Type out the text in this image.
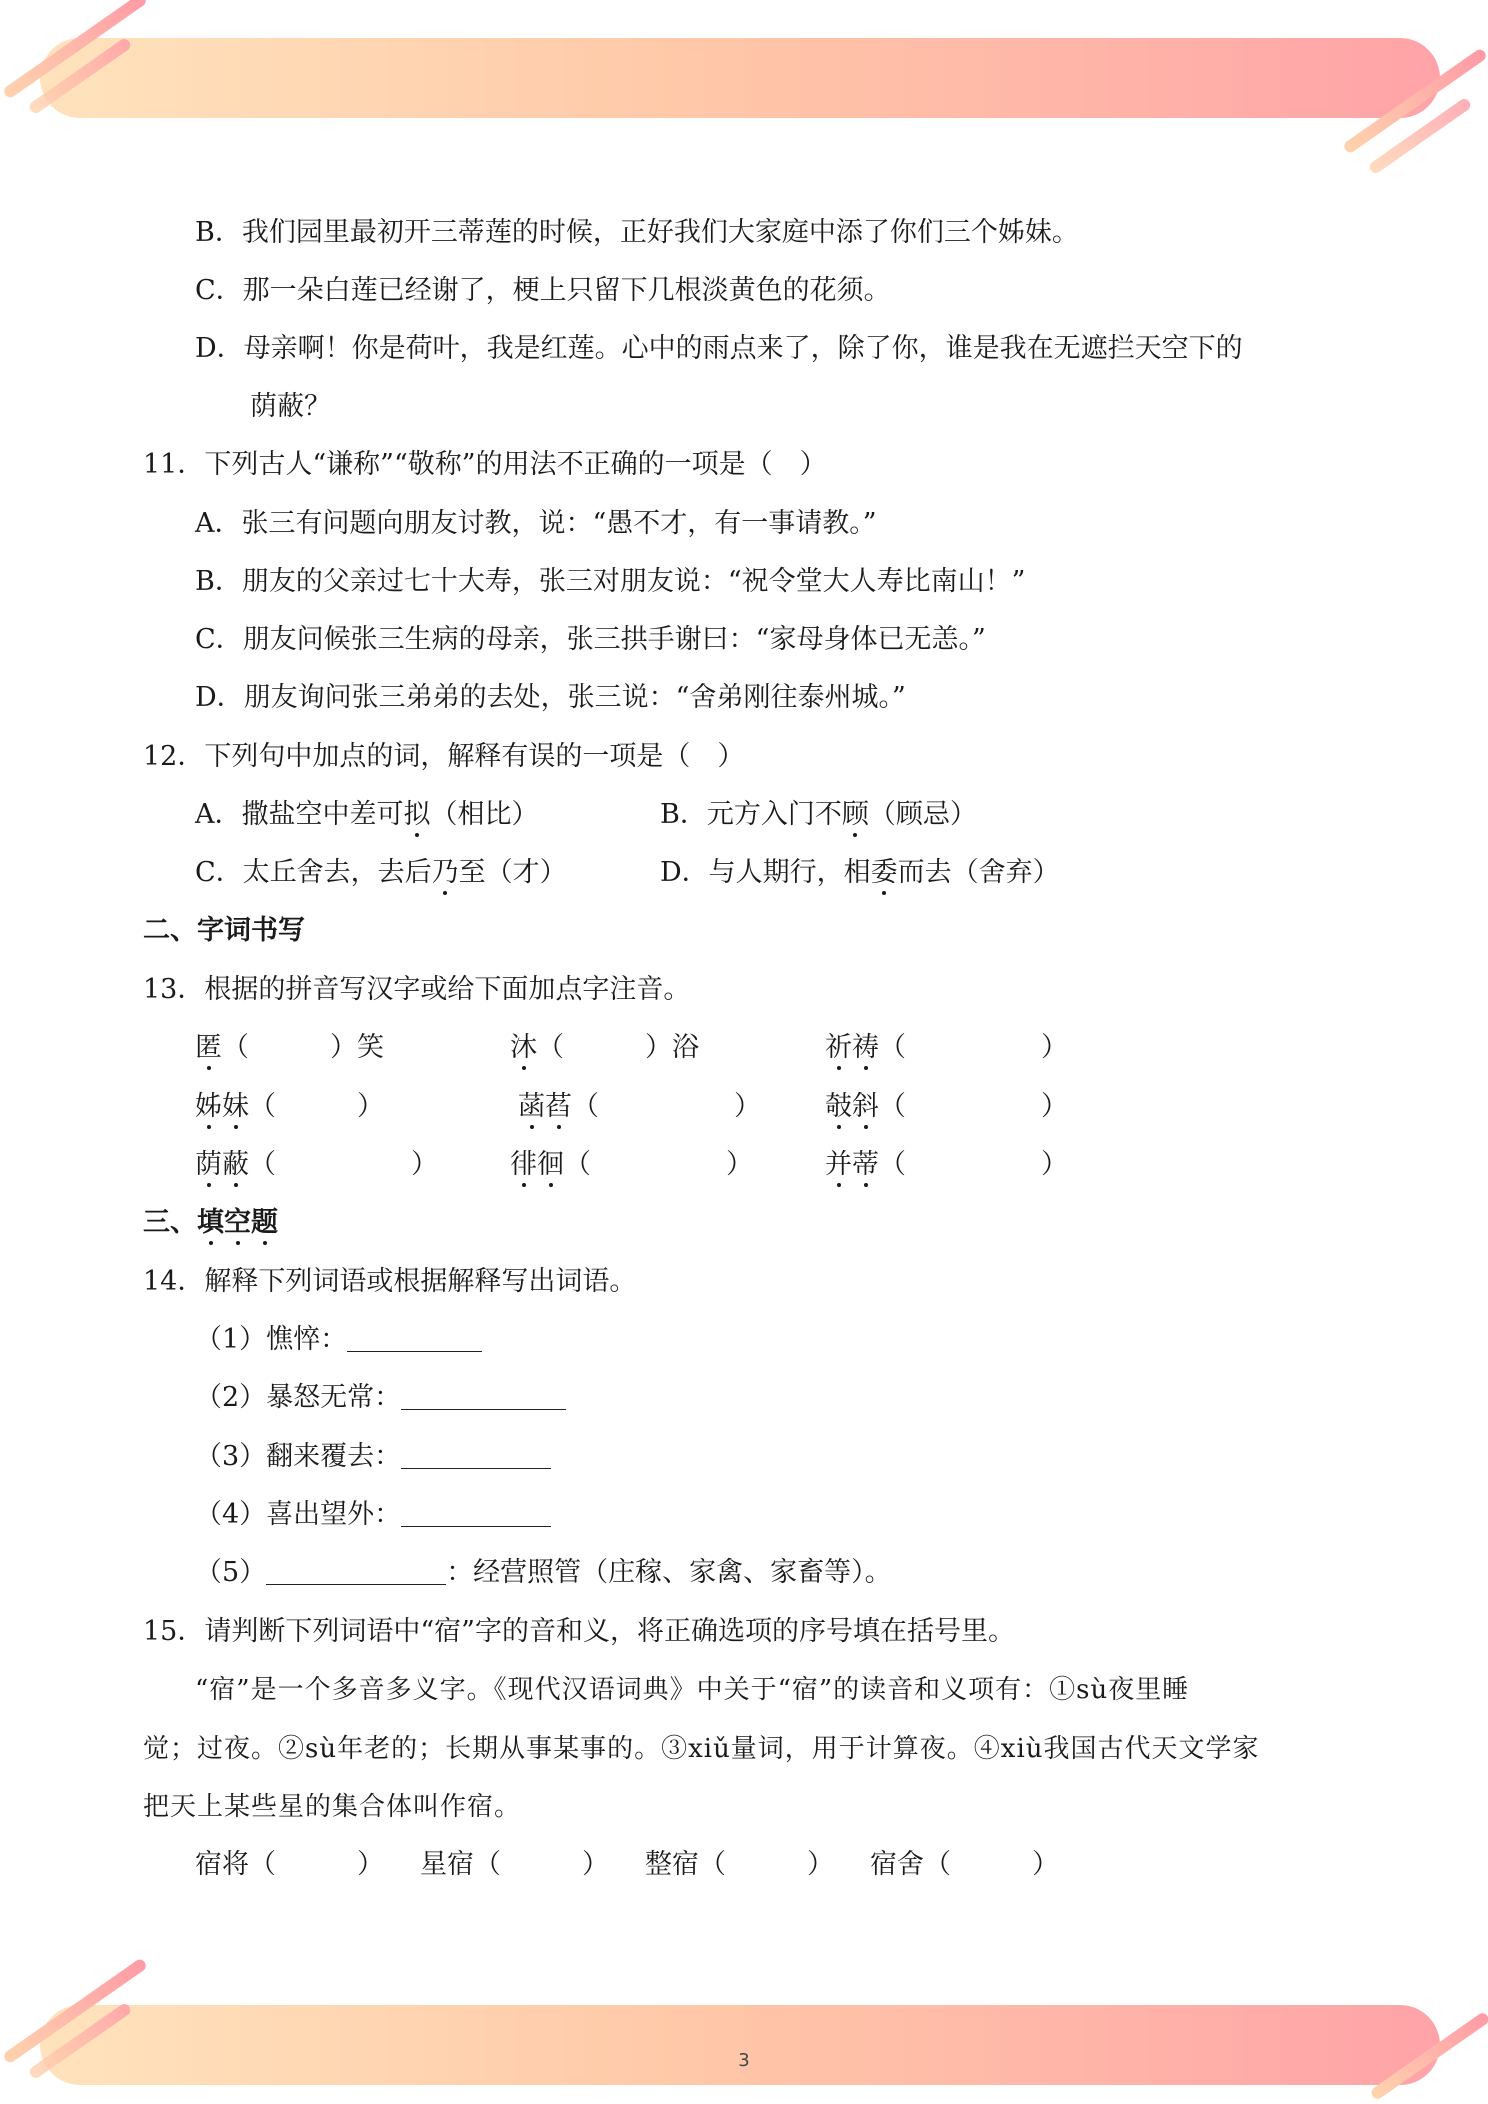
B．我们园里最初开三蒂莲的时候，正好我们大家庭中添了你们三个姊妹。
C．那一朵白莲已经谢了，梗上只留下几根淡黄色的花须。
D．母亲啊！你是荷叶，我是红莲。心中的雨点来了，除了你，谁是我在无遮拦天空下的
荫蔽？
11．下列古人“谦称”“敬称”的用法不正确的一项是（　）
A．张三有问题向朋友讨教，说：“愚不才，有一事请教。”
B．朋友的父亲过七十大寿，张三对朋友说：“祝令堂大人寿比南山！”
C．朋友问候张三生病的母亲，张三拱手谢曰：“家母身体已无恙。”
D．朋友询问张三弟弟的去处，张三说：“舍弟刚往泰州城。”
12．下列句中加点的词，解释有误的一项是（　）
A．撒盐空中差可拟（相比）	B．元方入门不顾（顾忌）
C．太丘舍去，去后乃至（才）	D．与人期行，相委而去（舍弃）
二、字词书写
13．根据的拼音写汉字或给下面加点字注音。
匿（　　　）笑	沐（　　　）浴	祈祷（　　　　　）
姊妹（　　　）	菡萏（　　　　　） 攲斜（　　　　　）
荫蔽（　　　　　）	徘徊（　　　　　）	并蒂（　　　　　）
三、填空题
14．解释下列词语或根据解释写出词语。
（1）憔悴：
（2）暴怒无常：
（3）翻来覆去：
（4）喜出望外：
（5）	：经营照管（庄稼、家禽、家畜等）。
15．请判断下列词语中“宿”字的音和义，将正确选项的序号填在括号里。
“宿”是一个多音多义字。《现代汉语词典》中关于“宿”的读音和义项有：①sù夜里睡
觉；过夜。②sù年老的；长期从事某事的。③xiǔ量词，用于计算夜。④xiù我国古代天文学家
把天上某些星的集合体叫作宿。
宿将（　　　） 星宿（　　　） 整宿（　　　） 宿舍（　　　）
3
